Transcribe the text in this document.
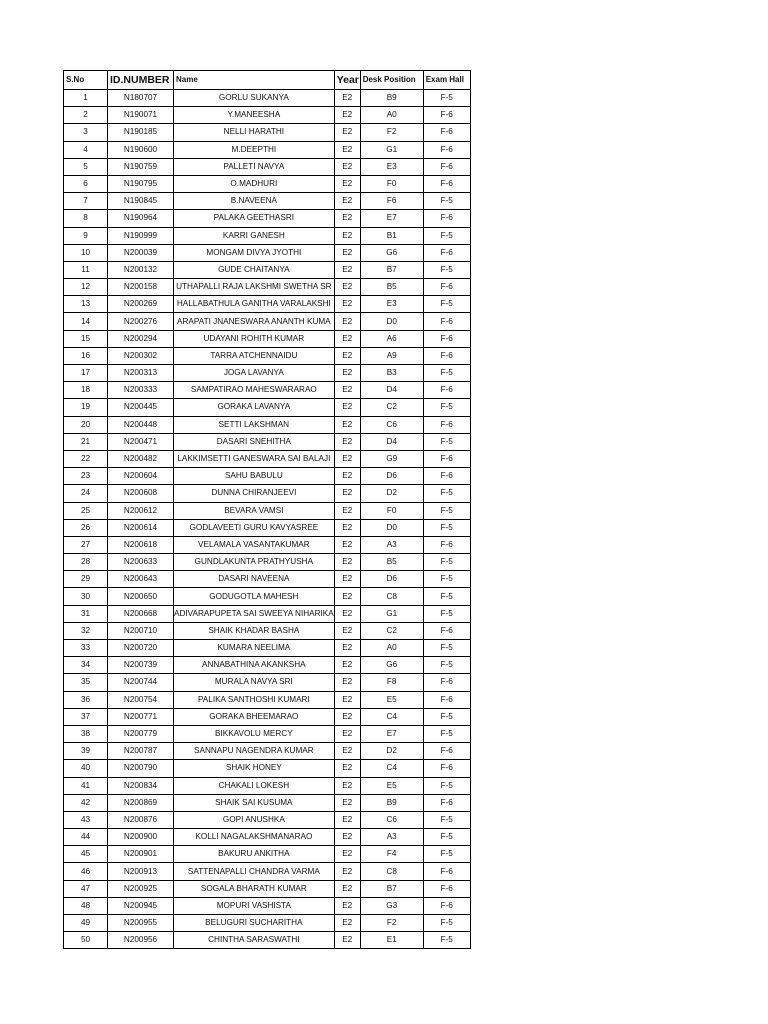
S.No	ID.NUMBER	Name	Year	Desk Position	Exam Hall
1	N180707	GORLU SUKANYA	E2	B9	F-5
2	N190071	Y.MANEESHA	E2	A0	F-6
3	N190185	NELLI HARATHI	E2	F2	F-6
4	N190600	M.DEEPTHI	E2	G1	F-6
5	N190759	PALLETI NAVYA	E2	E3	F-6
6	N190795	O.MADHURI	E2	F0	F-6
7	N190845	B.NAVEENA	E2	F6	F-5
8	N190964	PALAKA GEETHASRI	E2	E7	F-6
9	N190999	KARRI GANESH	E2	B1	F-5
10	N200039	MONGAM DIVYA JYOTHI	E2	G6	F-6
11	N200132	GUDE CHAITANYA	E2	B7	F-5
12	N200158	UTHAPALLI RAJA LAKSHMI SWETHA SR	E2	B5	F-6
13	N200269	HALLABATHULA GANITHA VARALAKSHI	E2	E3	F-5
14	N200276	ARAPATI JNANESWARA ANANTH KUMA	E2	D0	F-6
15	N200294	UDAYANI ROHITH KUMAR	E2	A6	F-6
16	N200302	TARRA ATCHENNAIDU	E2	A9	F-6
17	N200313	JOGA LAVANYA	E2	B3	F-5
18	N200333	SAMPATIRAO MAHESWARARAO	E2	D4	F-6
19	N200445	GORAKA LAVANYA	E2	C2	F-5
20	N200448	SETTI LAKSHMAN	E2	C6	F-6
21	N200471	DASARI SNEHITHA	E2	D4	F-5
22	N200482	LAKKIMSETTI GANESWARA SAI BALAJI	E2	G9	F-6
23	N200604	SAHU BABULU	E2	D6	F-6
24	N200608	DUNNA CHIRANJEEVI	E2	D2	F-5
25	N200612	BEVARA VAMSI	E2	F0	F-5
26	N200614	GODLAVEETI GURU KAVYASREE	E2	D0	F-5
27	N200618	VELAMALA VASANTAKUMAR	E2	A3	F-6
28	N200633	GUNDLAKUNTA PRATHYUSHA	E2	B5	F-5
29	N200643	DASARI NAVEENA	E2	D6	F-5
30	N200650	GODUGOTLA MAHESH	E2	C8	F-5
31	N200668	ADIVARAPUPETA SAI SWEEYA NIHARIKA	E2	G1	F-5
32	N200710	SHAIK KHADAR BASHA	E2	C2	F-6
33	N200720	KUMARA NEELIMA	E2	A0	F-5
34	N200739	ANNABATHINA AKANKSHA	E2	G6	F-5
35	N200744	MURALA NAVYA SRI	E2	F8	F-6
36	N200754	PALIKA SANTHOSHI KUMARI	E2	E5	F-6
37	N200771	GORAKA BHEEMARAO	E2	C4	F-5
38	N200779	BIKKAVOLU MERCY	E2	E7	F-5
39	N200787	SANNAPU NAGENDRA KUMAR	E2	D2	F-6
40	N200790	SHAIK HONEY	E2	C4	F-6
41	N200834	CHAKALI LOKESH	E2	E5	F-5
42	N200869	SHAIK SAI KUSUMA	E2	B9	F-6
43	N200876	GOPI ANUSHKA	E2	C6	F-5
44	N200900	KOLLI NAGALAKSHMANARAO	E2	A3	F-5
45	N200901	BAKURU ANKITHA	E2	F4	F-5
46	N200913	SATTENAPALLI CHANDRA VARMA	E2	C8	F-6
47	N200925	SOGALA BHARATH KUMAR	E2	B7	F-6
48	N200945	MOPURI VASHISTA	E2	G3	F-6
49	N200955	BELUGURI SUCHARITHA	E2	F2	F-5
50	N200956	CHINTHA SARASWATHI	E2	E1	F-5
